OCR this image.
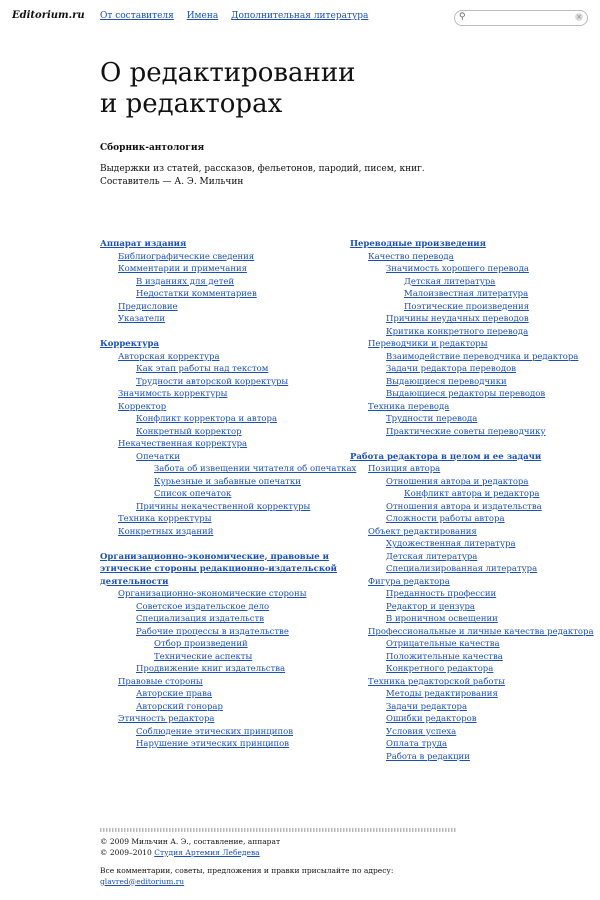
Editorium.ru От составителя Имена Дополнительная литература	⚲	×
О редактировании
и редакторах
Сборник-антология
Выдержки из статей, рассказов, фельетонов, пародий, писем, книг.
Составитель — А. Э. Мильчин
Аппарат издания
Библиографические сведения
Комментарии и примечания
В изданиях для детей
Недостатки комментариев
Предисловие
Указатели
Корректура
Авторская корректура
Как этап работы над текстом
Трудности авторской корректуры
Значимость корректуры
Корректор
Конфликт корректора и автора
Конкретный корректор
Некачественная корректура
Опечатки
Забота об извещении читателя об опечатках
Курьезные и забавные опечатки
Список опечаток
Причины некачественной корректуры
Техника корректуры
Конкретных изданий
Организационно-экономические, правовые и этические стороны редакционно-издательской деятельности
Организационно-экономические стороны
Советское издательское дело
Специализация издательств
Рабочие процессы в издательстве
Отбор произведений
Технические аспекты
Продвижение книг издательства
Правовые стороны
Авторские права
Авторский гонорар
Этичность редактора
Соблюдение этических принципов
Нарушение этических принципов
Переводные произведения
Качество перевода
Значимость хорошего перевода
Детская литература
Малоизвестная литература
Поэтические произведения
Причины неудачных переводов
Критика конкретного перевода
Переводчики и редакторы
Взаимодействие переводчика и редактора
Задачи редактора переводов
Выдающиеся переводчики
Выдающиеся редакторы переводов
Техника перевода
Трудности перевода
Практические советы переводчику
Работа редактора в целом и ее задачи
Позиция автора
Отношения автора и редактора
Конфликт автора и редактора
Отношения автора и издательства
Сложности работы автора
Объект редактирования
Художественная литература
Детская литература
Специализированная литература
Фигура редактора
Преданность профессии
Редактор и цензура
В ироничном освещении
Профессиональные и личные качества редактора
Отрицательные качества
Положительные качества
Конкретного редактора
Техника редакторской работы
Методы редактирования
Задачи редактора
Ошибки редакторов
Условия успеха
Оплата труда
Работа в редакции
© 2009 Мильчин А. Э., составление, аппарат
© 2009–2010 Студия Артемия Лебедева
Все комментарии, советы, предложения и правки присылайте по адресу: glavred@editorium.ru
